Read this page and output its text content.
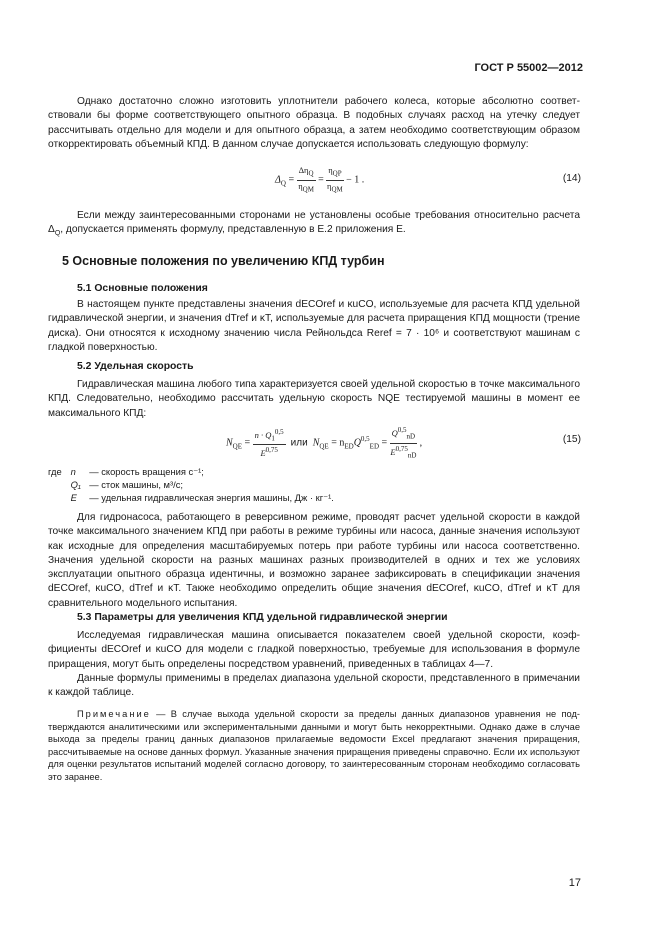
ГОСТ Р 55002—2012

Однако достаточно сложно изготовить уплотнители рабочего колеса, которые абсолютно соответствовали бы форме соответствующего опытного образца. В подобных случаях расход на утечку следует рассчитывать отдельно для модели и для опытного образца, а затем необходимо соответствующим образом откорректировать объемный КПД. В данном случае допускается использовать следующую формулу:

$\Delta_Q = \frac{\Delta\eta_Q}{\eta_{QM}} = \frac{\eta_{QP}}{\eta_{QM}} - 1$ .	(14)

Если между заинтересованными сторонами не установлены особые требования относительно расчета $\Delta_Q$, допускается применять формулу, представленную в Е.2 приложения Е.

5 Основные положения по увеличению КПД турбин
5.1 Основные положения

В настоящем пункте представлены значения dECOref и κuCO, используемые для расчета КПД удельной гидравлической энергии, и значения dTref и κT, используемые для расчета приращения КПД мощности (трение диска). Они относятся к исходному значению числа Рейнольдса Reref = 7 · 10⁶ и соответствуют машинам с гладкой поверхностью.

5.2 Удельная скорость

Гидравлическая машина любого типа характеризуется своей удельной скоростью в точке максимального КПД. Следовательно, необходимо рассчитать удельную скорость NQE тестируемой машины в момент ее максимального КПД:

$N_{QE} = \frac{n \cdot Q_1^{0,5}}{E^{0,75}}$ или $N_{QE} = n_{ED}Q^{0,5}_{ED} = \frac{Q^{0,5}_{nD}}{E^{0,75}_{nD}}$ ,	(15)
где n — скорость вращения с⁻¹;
Q₁ — сток машины, м³/с;
E — удельная гидравлическая энергия машины, Дж · кг⁻¹.

Для гидронасоса, работающего в реверсивном режиме, проводят расчет удельной скорости в каждой точке максимального значением КПД при работы в режиме турбины или насоса, данные значения используют как исходные для определения масштабируемых потерь при работе турбины или насоса соответственно. Значения удельной скорости на разных машинах разных производителей в одних и тех же условиях эксплуатации опытного образца идентичны, и возможно заранее зафиксировать в спецификации значения dECOref, κuCO, dTref и κT. Также необходимо определить общие значения dECOref, κuCO, dTref и κT для сравнительного модельного испытания.

5.3 Параметры для увеличения КПД удельной гидравлической энергии

Исследуемая гидравлическая машина описывается показателем своей удельной скорости, коэффициенты dECOref и κuCO для модели с гладкой поверхностью, требуемые для использования в формуле приращения, могут быть определены посредством уравнений, приведенных в таблицах 4—7.

Данные формулы применимы в пределах диапазона удельной скорости, представленного в примечании к каждой таблице.

Примечание — В случае выхода удельной скорости за пределы данных диапазонов уравнения не подтверждаются аналитическими или экспериментальными данными и могут быть некорректными. Однако даже в случае выхода за пределы границ данных диапазонов прилагаемые ведомости Excel предлагают значения приращения, рассчитываемые на основе данных формул. Указанные значения приращения приведены справочно. Если их используют для оценки результатов испытаний моделей согласно договору, то заинтересованным сторонам необходимо согласовать это заранее.

17
